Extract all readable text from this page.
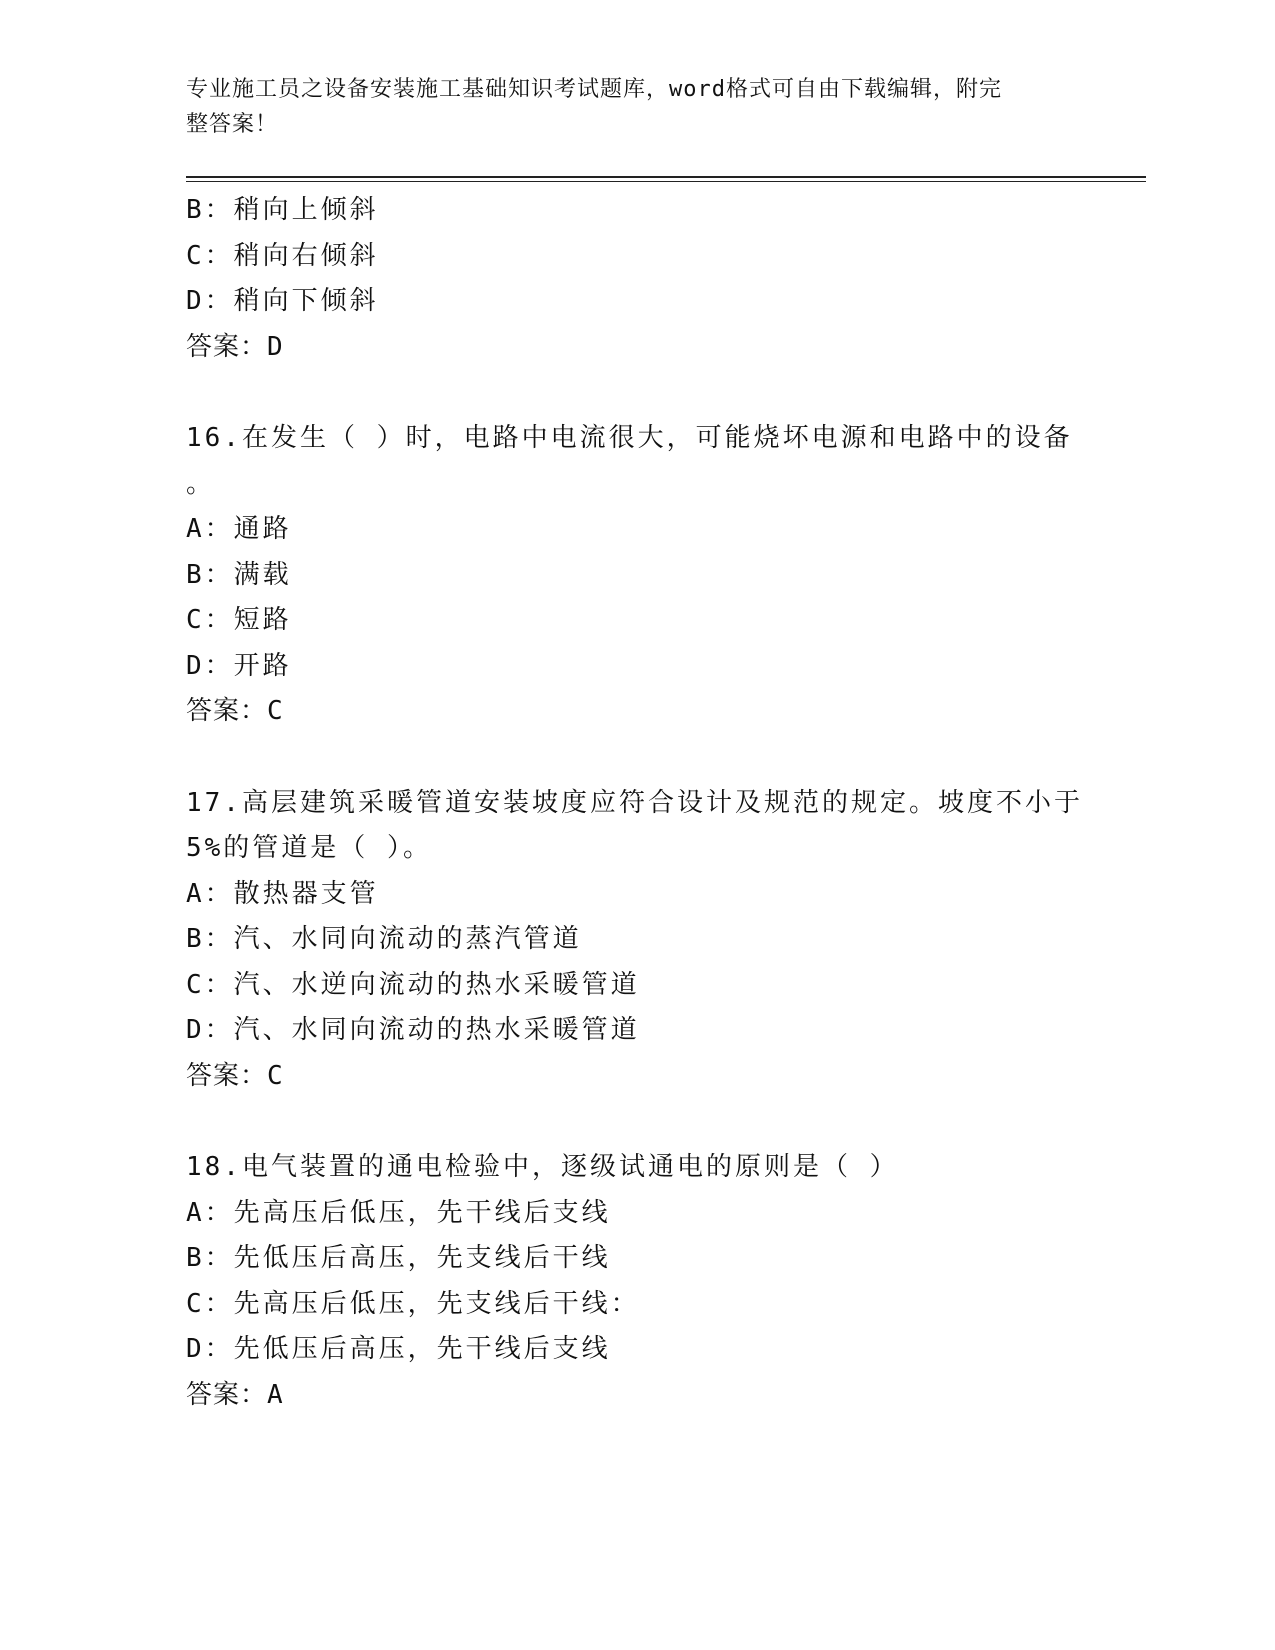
专业施工员之设备安装施工基础知识考试题库，word格式可自由下载编辑，附完
整答案！
B：稍向上倾斜
C：稍向右倾斜
D：稍向下倾斜
答案：D
16.在发生（ ）时，电路中电流很大，可能烧坏电源和电路中的设备
。
A：通路
B：满载
C：短路
D：开路
答案：C
17.高层建筑采暖管道安装坡度应符合设计及规范的规定。坡度不小于
5%的管道是（ ）。
A：散热器支管
B：汽、水同向流动的蒸汽管道
C：汽、水逆向流动的热水采暖管道
D：汽、水同向流动的热水采暖管道
答案：C
18.电气装置的通电检验中，逐级试通电的原则是（ ）
A：先高压后低压，先干线后支线
B：先低压后高压，先支线后干线
C：先高压后低压，先支线后干线：
D：先低压后高压，先干线后支线
答案：A
